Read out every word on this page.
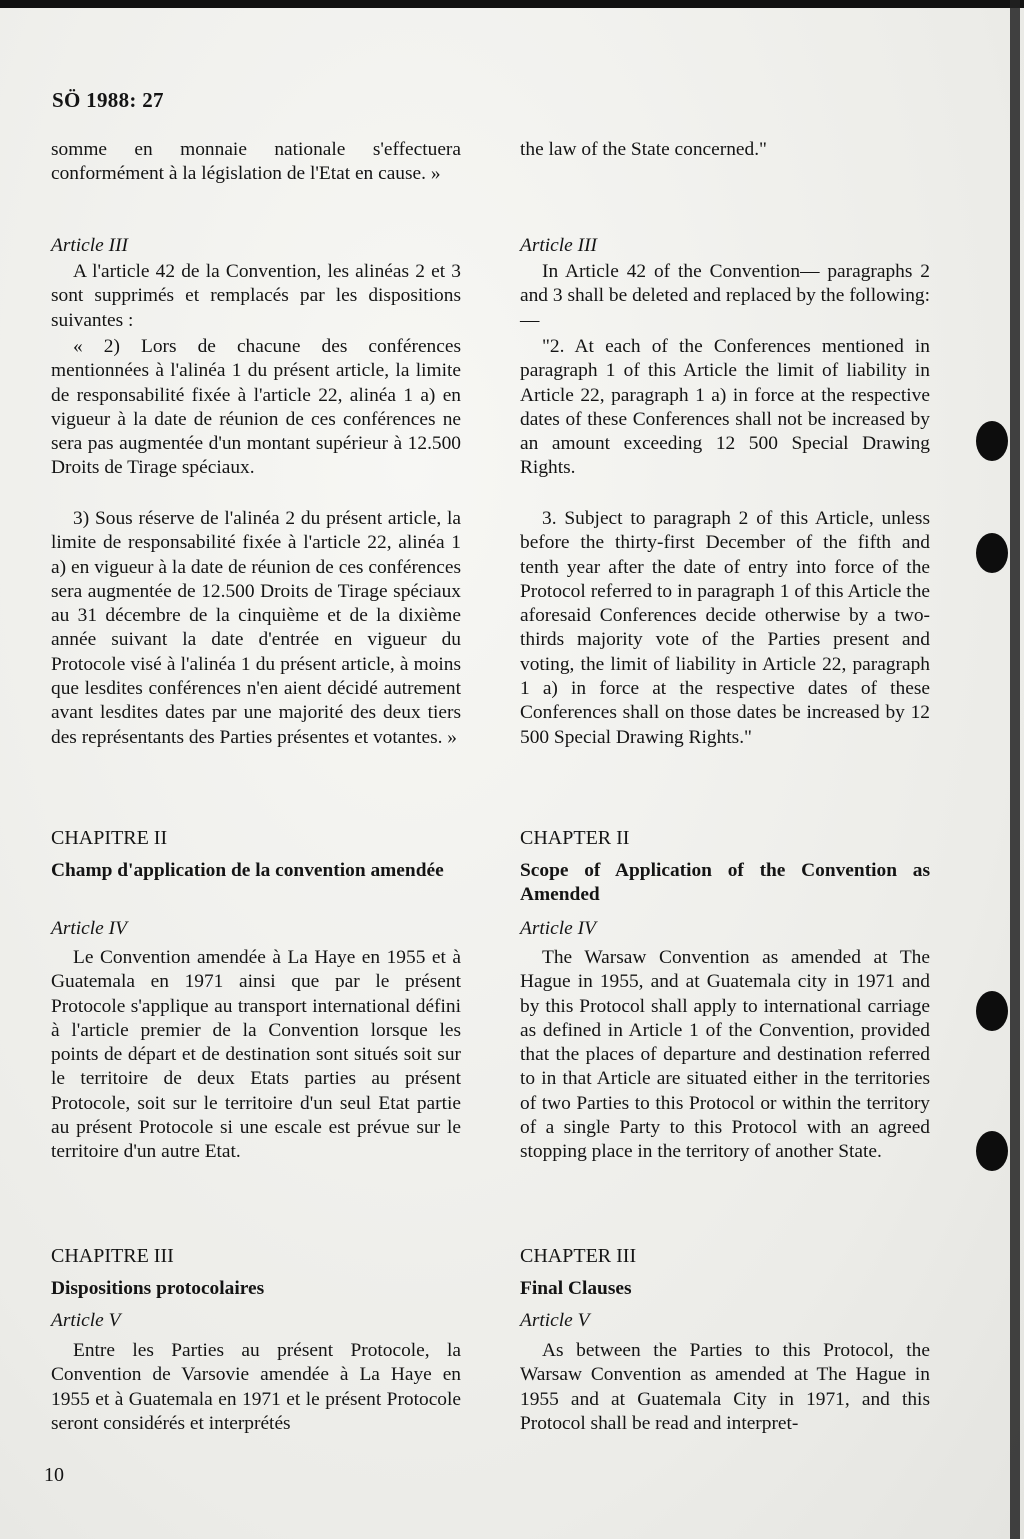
SÖ 1988: 27

somme en monnaie nationale s'effectuera conformément à la législation de l'Etat en cause. »

Article III

A l'article 42 de la Convention, les alinéas 2 et 3 sont supprimés et remplacés par les dispositions suivantes :

« 2) Lors de chacune des conférences mentionnées à l'alinéa 1 du présent article, la limite de responsabilité fixée à l'article 22, alinéa 1 a) en vigueur à la date de réunion de ces conférences ne sera pas augmentée d'un montant supérieur à 12.500 Droits de Tirage spéciaux.

3) Sous réserve de l'alinéa 2 du présent article, la limite de responsabilité fixée à l'article 22, alinéa 1 a) en vigueur à la date de réunion de ces conférences sera augmentée de 12.500 Droits de Tirage spéciaux au 31 décembre de la cinquième et de la dixième année suivant la date d'entrée en vigueur du Protocole visé à l'alinéa 1 du présent article, à moins que lesdites conférences n'en aient décidé autrement avant lesdites dates par une majorité des deux tiers des représentants des Parties présentes et votantes. »

CHAPITRE II

Champ d'application de la convention amendée

Article IV

Le Convention amendée à La Haye en 1955 et à Guatemala en 1971 ainsi que par le présent Protocole s'applique au transport international défini à l'article premier de la Convention lorsque les points de départ et de destination sont situés soit sur le territoire de deux Etats parties au présent Protocole, soit sur le territoire d'un seul Etat partie au présent Protocole si une escale est prévue sur le territoire d'un autre Etat.

CHAPITRE III

Dispositions protocolaires

Article V

Entre les Parties au présent Protocole, la Convention de Varsovie amendée à La Haye en 1955 et à Guatemala en 1971 et le présent Protocole seront considérés et interprétés

the law of the State concerned."

Article III

In Article 42 of the Convention— paragraphs 2 and 3 shall be deleted and replaced by the following: —

"2. At each of the Conferences mentioned in paragraph 1 of this Article the limit of liability in Article 22, paragraph 1 a) in force at the respective dates of these Conferences shall not be increased by an amount exceeding 12 500 Special Drawing Rights.

3. Subject to paragraph 2 of this Article, unless before the thirty-first December of the fifth and tenth year after the date of entry into force of the Protocol referred to in paragraph 1 of this Article the aforesaid Conferences decide otherwise by a two-thirds majority vote of the Parties present and voting, the limit of liability in Article 22, paragraph 1 a) in force at the respective dates of these Conferences shall on those dates be increased by 12 500 Special Drawing Rights."

CHAPTER II

Scope of Application of the Convention as Amended

Article IV

The Warsaw Convention as amended at The Hague in 1955, and at Guatemala city in 1971 and by this Protocol shall apply to international carriage as defined in Article 1 of the Convention, provided that the places of departure and destination referred to in that Article are situated either in the territories of two Parties to this Protocol or within the territory of a single Party to this Protocol with an agreed stopping place in the territory of another State.

CHAPTER III

Final Clauses

Article V

As between the Parties to this Protocol, the Warsaw Convention as amended at The Hague in 1955 and at Guatemala City in 1971, and this Protocol shall be read and interpret-

10
